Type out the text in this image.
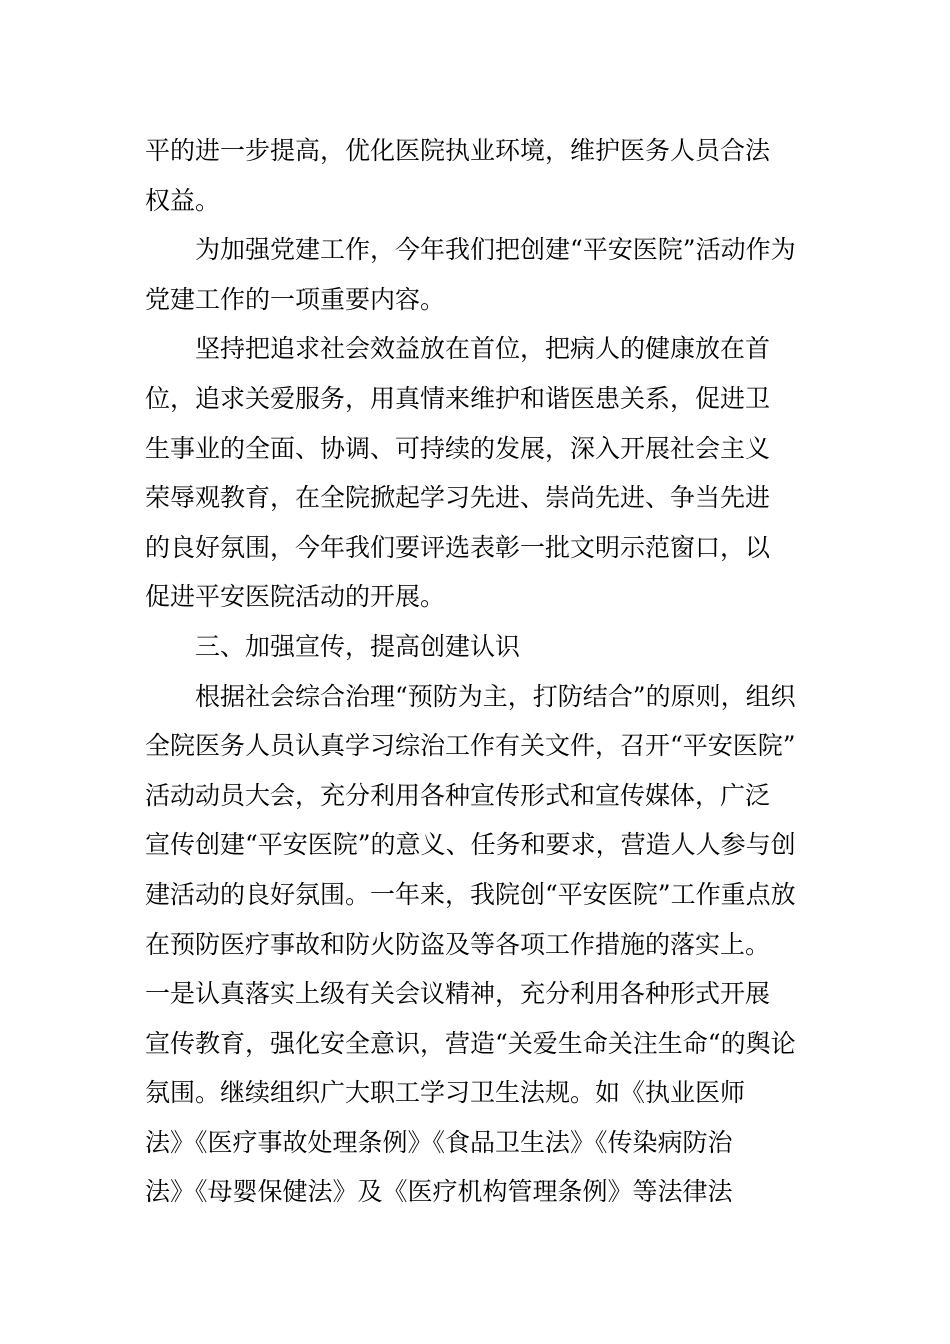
平的进一步提高，优化医院执业环境，维护医务人员合法
权益。

为加强党建工作，今年我们把创建“平安医院”活动作为
党建工作的一项重要内容。

坚持把追求社会效益放在首位，把病人的健康放在首
位，追求关爱服务，用真情来维护和谐医患关系，促进卫
生事业的全面、协调、可持续的发展，深入开展社会主义
荣辱观教育，在全院掀起学习先进、崇尚先进、争当先进
的良好氛围，今年我们要评选表彰一批文明示范窗口，以
促进平安医院活动的开展。

三、加强宣传，提高创建认识

根据社会综合治理“预防为主，打防结合”的原则，组织
全院医务人员认真学习综治工作有关文件，召开“平安医院”
活动动员大会，充分利用各种宣传形式和宣传媒体，广泛
宣传创建“平安医院”的意义、任务和要求，营造人人参与创
建活动的良好氛围。一年来，我院创“平安医院”工作重点放
在预防医疗事故和防火防盗及等各项工作措施的落实上。

一是认真落实上级有关会议精神，充分利用各种形式开展
宣传教育，强化安全意识，营造“关爱生命关注生命“的舆论
氛围。继续组织广大职工学习卫生法规。如《执业医师
法》《医疗事故处理条例》《食品卫生法》《传染病防治
法》《母婴保健法》及《医疗机构管理条例》等法律法
